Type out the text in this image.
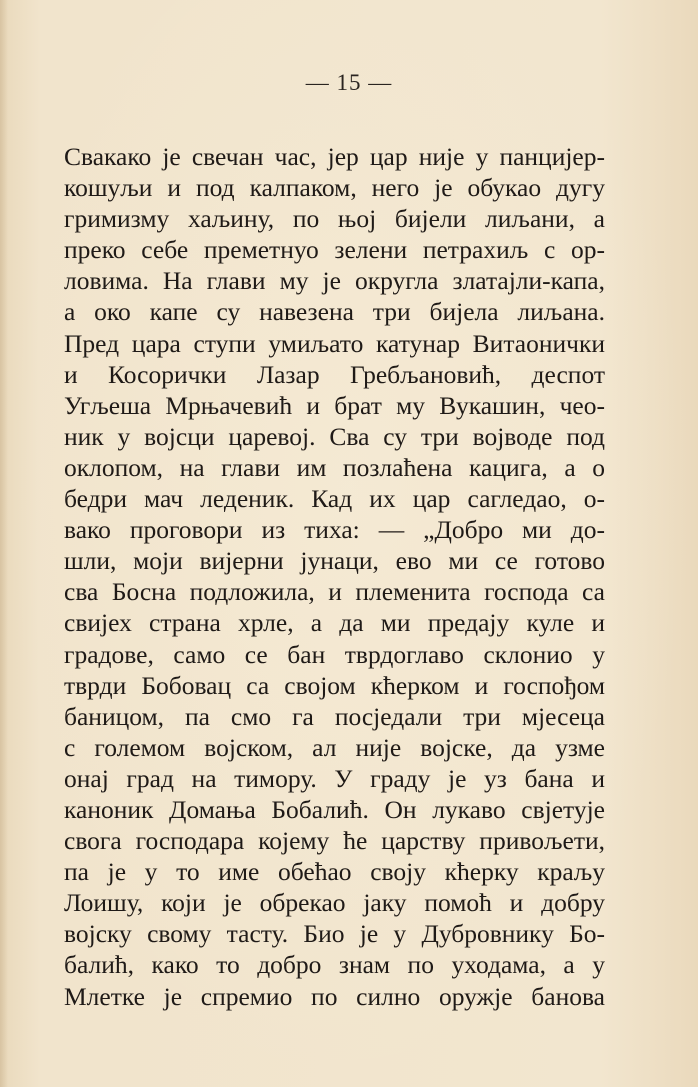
— 15 —
Свакако је свечан час, јер цар није у панцијер-
кошуљи и под калпаком, него је обукао дугу
гримизму хаљину, по њој бијели лиљани, а
преко себе преметнуо зелени петрахиљ с ор-
ловима. На глави му је округла златајли-капа,
а око капе су навезена три бијела лиљана.
Пред цара ступи умиљато катунар Витаонички
и Косорички Лазар Гребљановић, деспот
Угљеша Мрњачевић и брат му Вукашин, чео-
ник у војсци царевој. Сва су три војводе под
оклопом, на глави им позлаћена кацига, а о
бедри мач леденик. Кад их цар сагледао, о-
вако проговори из тиха: — „Добро ми до-
шли, моји вијерни јунаци, ево ми се готово
сва Босна подложила, и племенита господа са
свијех страна хрле, а да ми предају куле и
градове, само се бан тврдоглаво склонио у
тврди Бобовац са својом кћерком и госпођом
баницом, па смо га посједали три мјесеца
с големом војском, ал није војске, да узме
онај град на тимору. У граду је уз бана и
каноник Домања Бобалић. Он лукаво свјетује
свога господара којему ће царству привољети,
па је у то име обећао своју кћерку краљу
Лоишу, који је обрекао јаку помоћ и добру
војску свому тасту. Био је у Дубровнику Бо-
балић, како то добро знам по уходама, а у
Млетке је спремио по силно оружје банова
